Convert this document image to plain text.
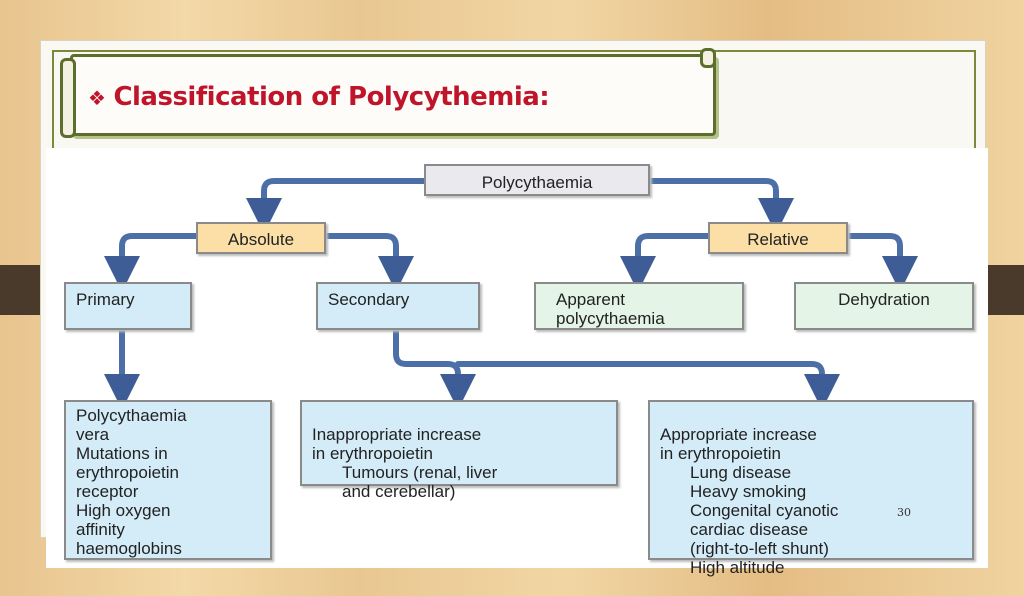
❖ Classification of Polycythemia:
Polycythaemia
Absolute	Relative
Primary	Secondary	Apparent
polycythaemia
Dehydration
Polycythaemia
vera
Mutations in
erythropoietin
receptor
High oxygen
affinity
haemoglobins

Inappropriate increase
in erythropoietin

Tumours (renal, liver
and cerebellar)

Appropriate increase
in erythropoietin

Lung disease
Heavy smoking
Congenital cyanotic
cardiac disease
(right-to-left shunt)
High altitude

30
